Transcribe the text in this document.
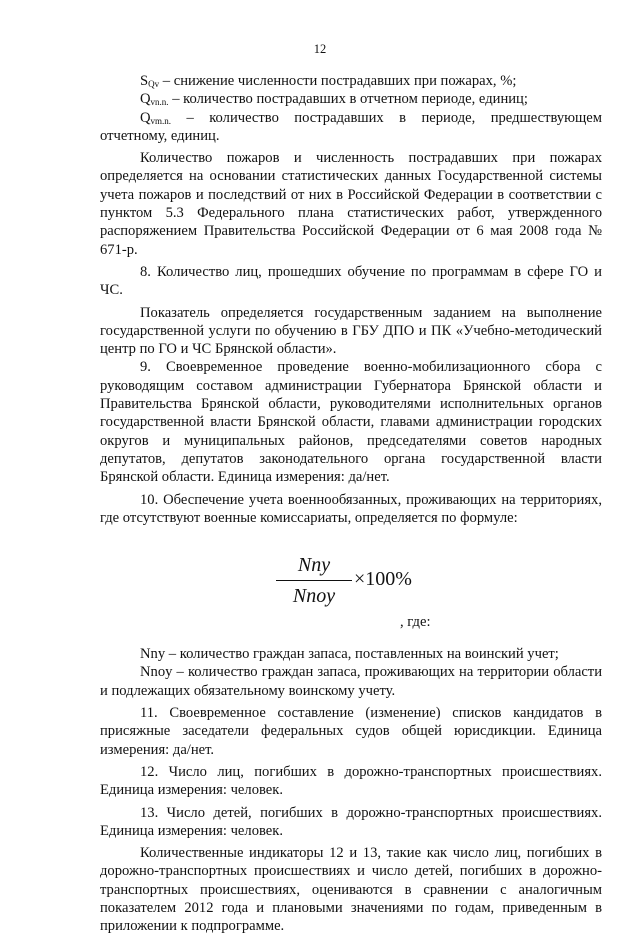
12

$S_{Qv}$ – снижение численности пострадавших при пожарах, %;

$Q_{vn.n.}$ – количество пострадавших в отчетном периоде, единиц;

$Q_{vm.n.}$ – количество пострадавших в периоде, предшествующем отчетному, единиц.

Количество пожаров и численность пострадавших при пожарах определяется на основании статистических данных Государственной системы учета пожаров и последствий от них в Российской Федерации в соответствии с пунктом 5.3 Федерального плана статистических работ, утвержденного распоряжением Правительства Российской Федерации от 6 мая 2008 года № 671-р.

8. Количество лиц, прошедших обучение по программам в сфере ГО и ЧС.

Показатель определяется государственным заданием на выполнение государственной услуги по обучению в ГБУ ДПО и ПК «Учебно-методический центр по ГО и ЧС Брянской области».

9. Своевременное проведение военно-мобилизационного сбора с руководящим составом администрации Губернатора Брянской области и Правительства Брянской области, руководителями исполнительных органов государственной власти Брянской области, главами администрации городских округов и муниципальных районов, председателями советов народных депутатов, депутатов законодательного органа государственной власти Брянской области. Единица измерения: да/нет.

10. Обеспечение учета военнообязанных, проживающих на территориях, где отсутствуют военные комиссариаты, определяется по формуле:

Nny
Nnoy
×100%
, где:

Nny – количество граждан запаса, поставленных на воинский учет;

Nnoy – количество граждан запаса, проживающих на территории области и подлежащих обязательному воинскому учету.

11. Своевременное составление (изменение) списков кандидатов в присяжные заседатели федеральных судов общей юрисдикции. Единица измерения: да/нет.

12. Число лиц, погибших в дорожно-транспортных происшествиях. Единица измерения: человек.

13. Число детей, погибших в дорожно-транспортных происшествиях. Единица измерения: человек.

Количественные индикаторы 12 и 13, такие как число лиц, погибших в дорожно-транспортных происшествиях и число детей, погибших в дорожно-транспортных происшествиях, оцениваются в сравнении с аналогичным показателем 2012 года и плановыми значениями по годам, приведенным в приложении к подпрограмме.
